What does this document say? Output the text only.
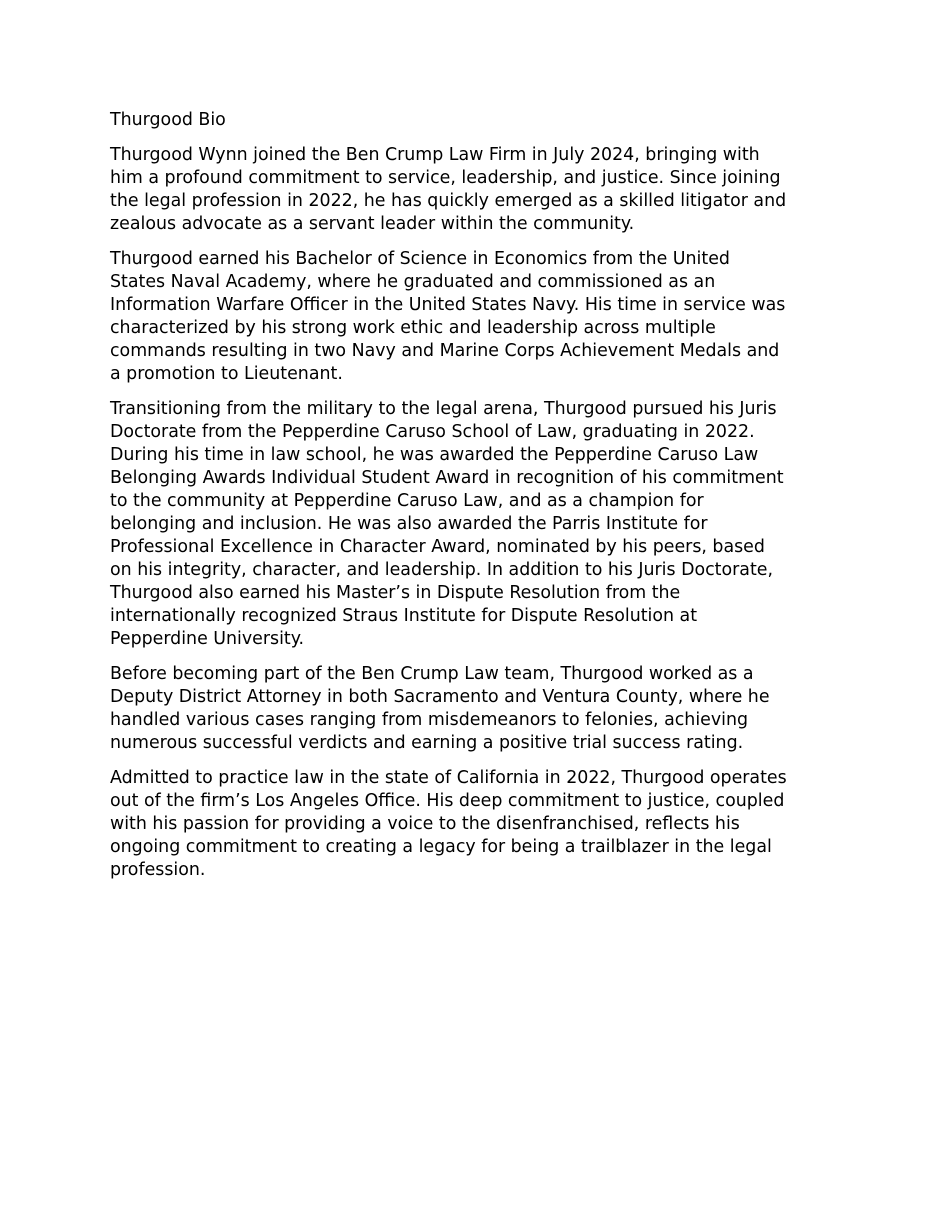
Thurgood Bio

Thurgood Wynn joined the Ben Crump Law Firm in July 2024, bringing with
him a profound commitment to service, leadership, and justice. Since joining
the legal profession in 2022, he has quickly emerged as a skilled litigator and
zealous advocate as a servant leader within the community.

Thurgood earned his Bachelor of Science in Economics from the United
States Naval Academy, where he graduated and commissioned as an
Information Warfare Officer in the United States Navy. His time in service was
characterized by his strong work ethic and leadership across multiple
commands resulting in two Navy and Marine Corps Achievement Medals and
a promotion to Lieutenant.

Transitioning from the military to the legal arena, Thurgood pursued his Juris
Doctorate from the Pepperdine Caruso School of Law, graduating in 2022.
During his time in law school, he was awarded the Pepperdine Caruso Law
Belonging Awards Individual Student Award in recognition of his commitment
to the community at Pepperdine Caruso Law, and as a champion for
belonging and inclusion. He was also awarded the Parris Institute for
Professional Excellence in Character Award, nominated by his peers, based
on his integrity, character, and leadership. In addition to his Juris Doctorate,
Thurgood also earned his Master’s in Dispute Resolution from the
internationally recognized Straus Institute for Dispute Resolution at
Pepperdine University.

Before becoming part of the Ben Crump Law team, Thurgood worked as a
Deputy District Attorney in both Sacramento and Ventura County, where he
handled various cases ranging from misdemeanors to felonies, achieving
numerous successful verdicts and earning a positive trial success rating.

Admitted to practice law in the state of California in 2022, Thurgood operates
out of the firm’s Los Angeles Office. His deep commitment to justice, coupled
with his passion for providing a voice to the disenfranchised, reflects his
ongoing commitment to creating a legacy for being a trailblazer in the legal
profession.
